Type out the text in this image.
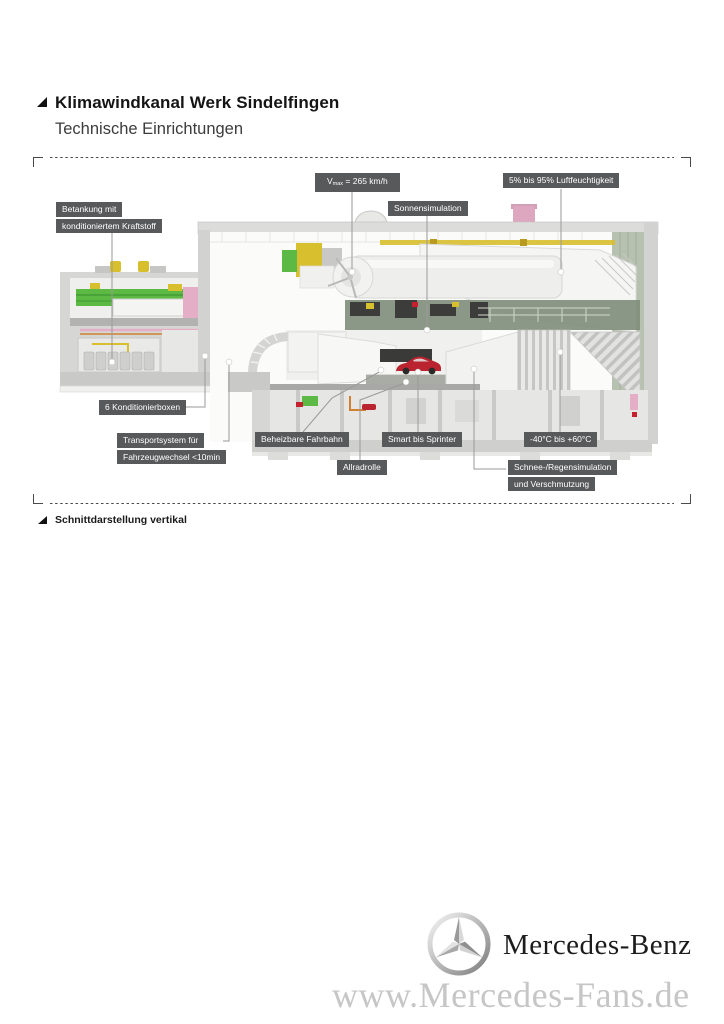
Klimawindkanal Werk Sindelfingen
Technische Einrichtungen
Betankung mit
konditioniertem Kraftstoff
$V_{max} = 265$ km/h	5% bis 95% Luftfeuchtigkeit
Sonnensimulation
6 Konditionierboxen
Transportsystem für
Fahrzeugwechsel <10min
Beheizbare Fahrbahn
Allradrolle
Smart bis Sprinter	-40°C bis +60°C
Schnee-/Regensimulation
und Verschmutzung
Schnittdarstellung vertikal
Mercedes-Benz
www.Mercedes-Fans.de
